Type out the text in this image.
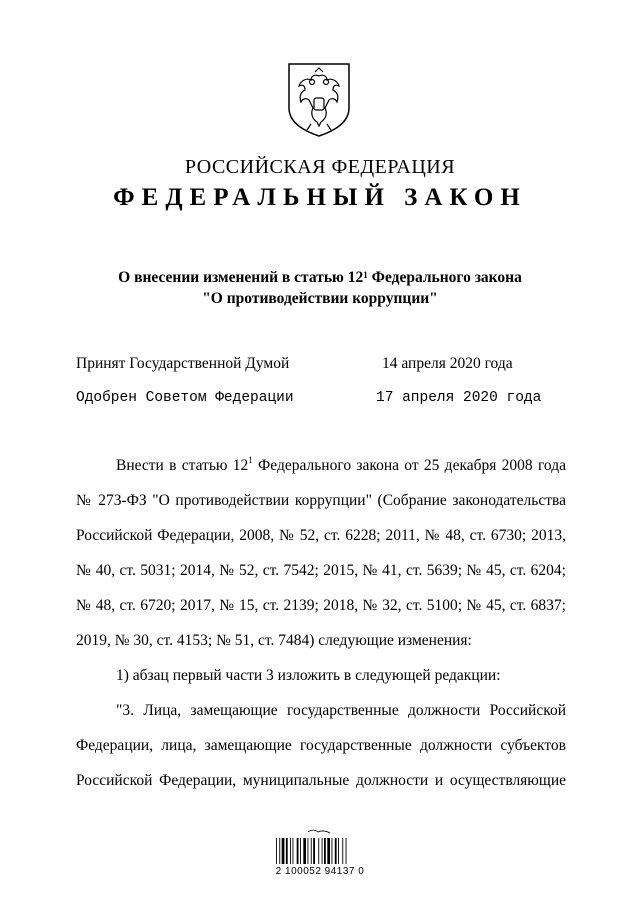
РОССИЙСКАЯ ФЕДЕРАЦИЯ
ФЕДЕРАЛЬНЫЙ ЗАКОН
О внесении изменений в статью $12^1$ Федерального закона
"О противодействии коррупции"
Принят Государственной Думой	14 апреля 2020 года
Одобрен Советом Федерации	17 апреля 2020 года
Внести в статью $12^1$ Федерального закона от 25 декабря 2008 года
№ 273-ФЗ "О противодействии коррупции" (Собрание законодательства
Российской Федерации, 2008, № 52, ст. 6228; 2011, № 48, ст. 6730; 2013,
№ 40, ст. 5031; 2014, № 52, ст. 7542; 2015, № 41, ст. 5639; № 45, ст. 6204;
№ 48, ст. 6720; 2017, № 15, ст. 2139; 2018, № 32, ст. 5100; № 45, ст. 6837;
2019, № 30, ст. 4153; № 51, ст. 7484) следующие изменения:
1) абзац первый части 3 изложить в следующей редакции:
"3. Лица, замещающие государственные должности Российской
Федерации, лица, замещающие государственные должности субъектов
Российской Федерации, муниципальные должности и осуществляющие
2 100052 94137 0
